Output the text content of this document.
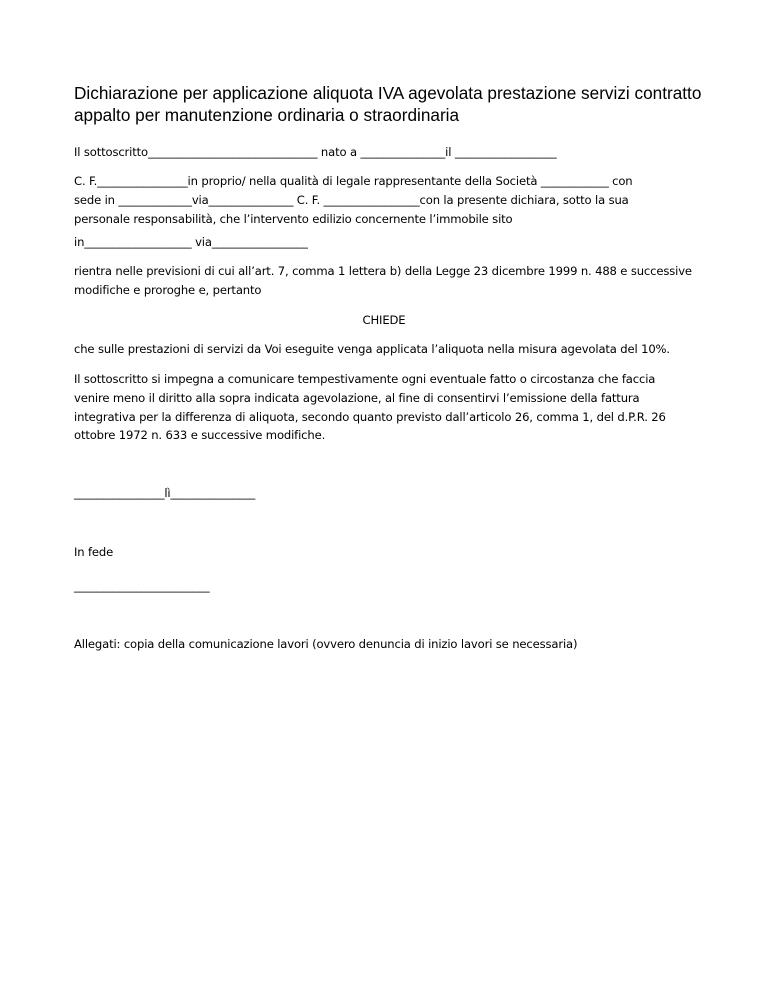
Dichiarazione per applicazione aliquota IVA agevolata prestazione servizi contratto
appalto per manutenzione ordinaria o straordinaria
Il sottoscritto______________________________ nato a _______________il __________________
C. F.________________in proprio/ nella qualità di legale rappresentante della Società ____________ con
sede in _____________via_______________ C. F. _________________con la presente dichiara, sotto la sua
personale responsabilità, che l’intervento edilizio concernente l’immobile sito
in___________________ via_________________
rientra nelle previsioni di cui all’art. 7, comma 1 lettera b) della Legge 23 dicembre 1999 n. 488 e successive
modifiche e proroghe e, pertanto
CHIEDE
che sulle prestazioni di servizi da Voi eseguite venga applicata l’aliquota nella misura agevolata del 10%.
Il sottoscritto si impegna a comunicare tempestivamente ogni eventuale fatto o circostanza che faccia
venire meno il diritto alla sopra indicata agevolazione, al fine di consentirvi l’emissione della fattura
integrativa per la differenza di aliquota, secondo quanto previsto dall’articolo 26, comma 1, del d.P.R. 26
ottobre 1972 n. 633 e successive modifiche.
________________lì_______________
In fede
________________________
Allegati: copia della comunicazione lavori (ovvero denuncia di inizio lavori se necessaria)
